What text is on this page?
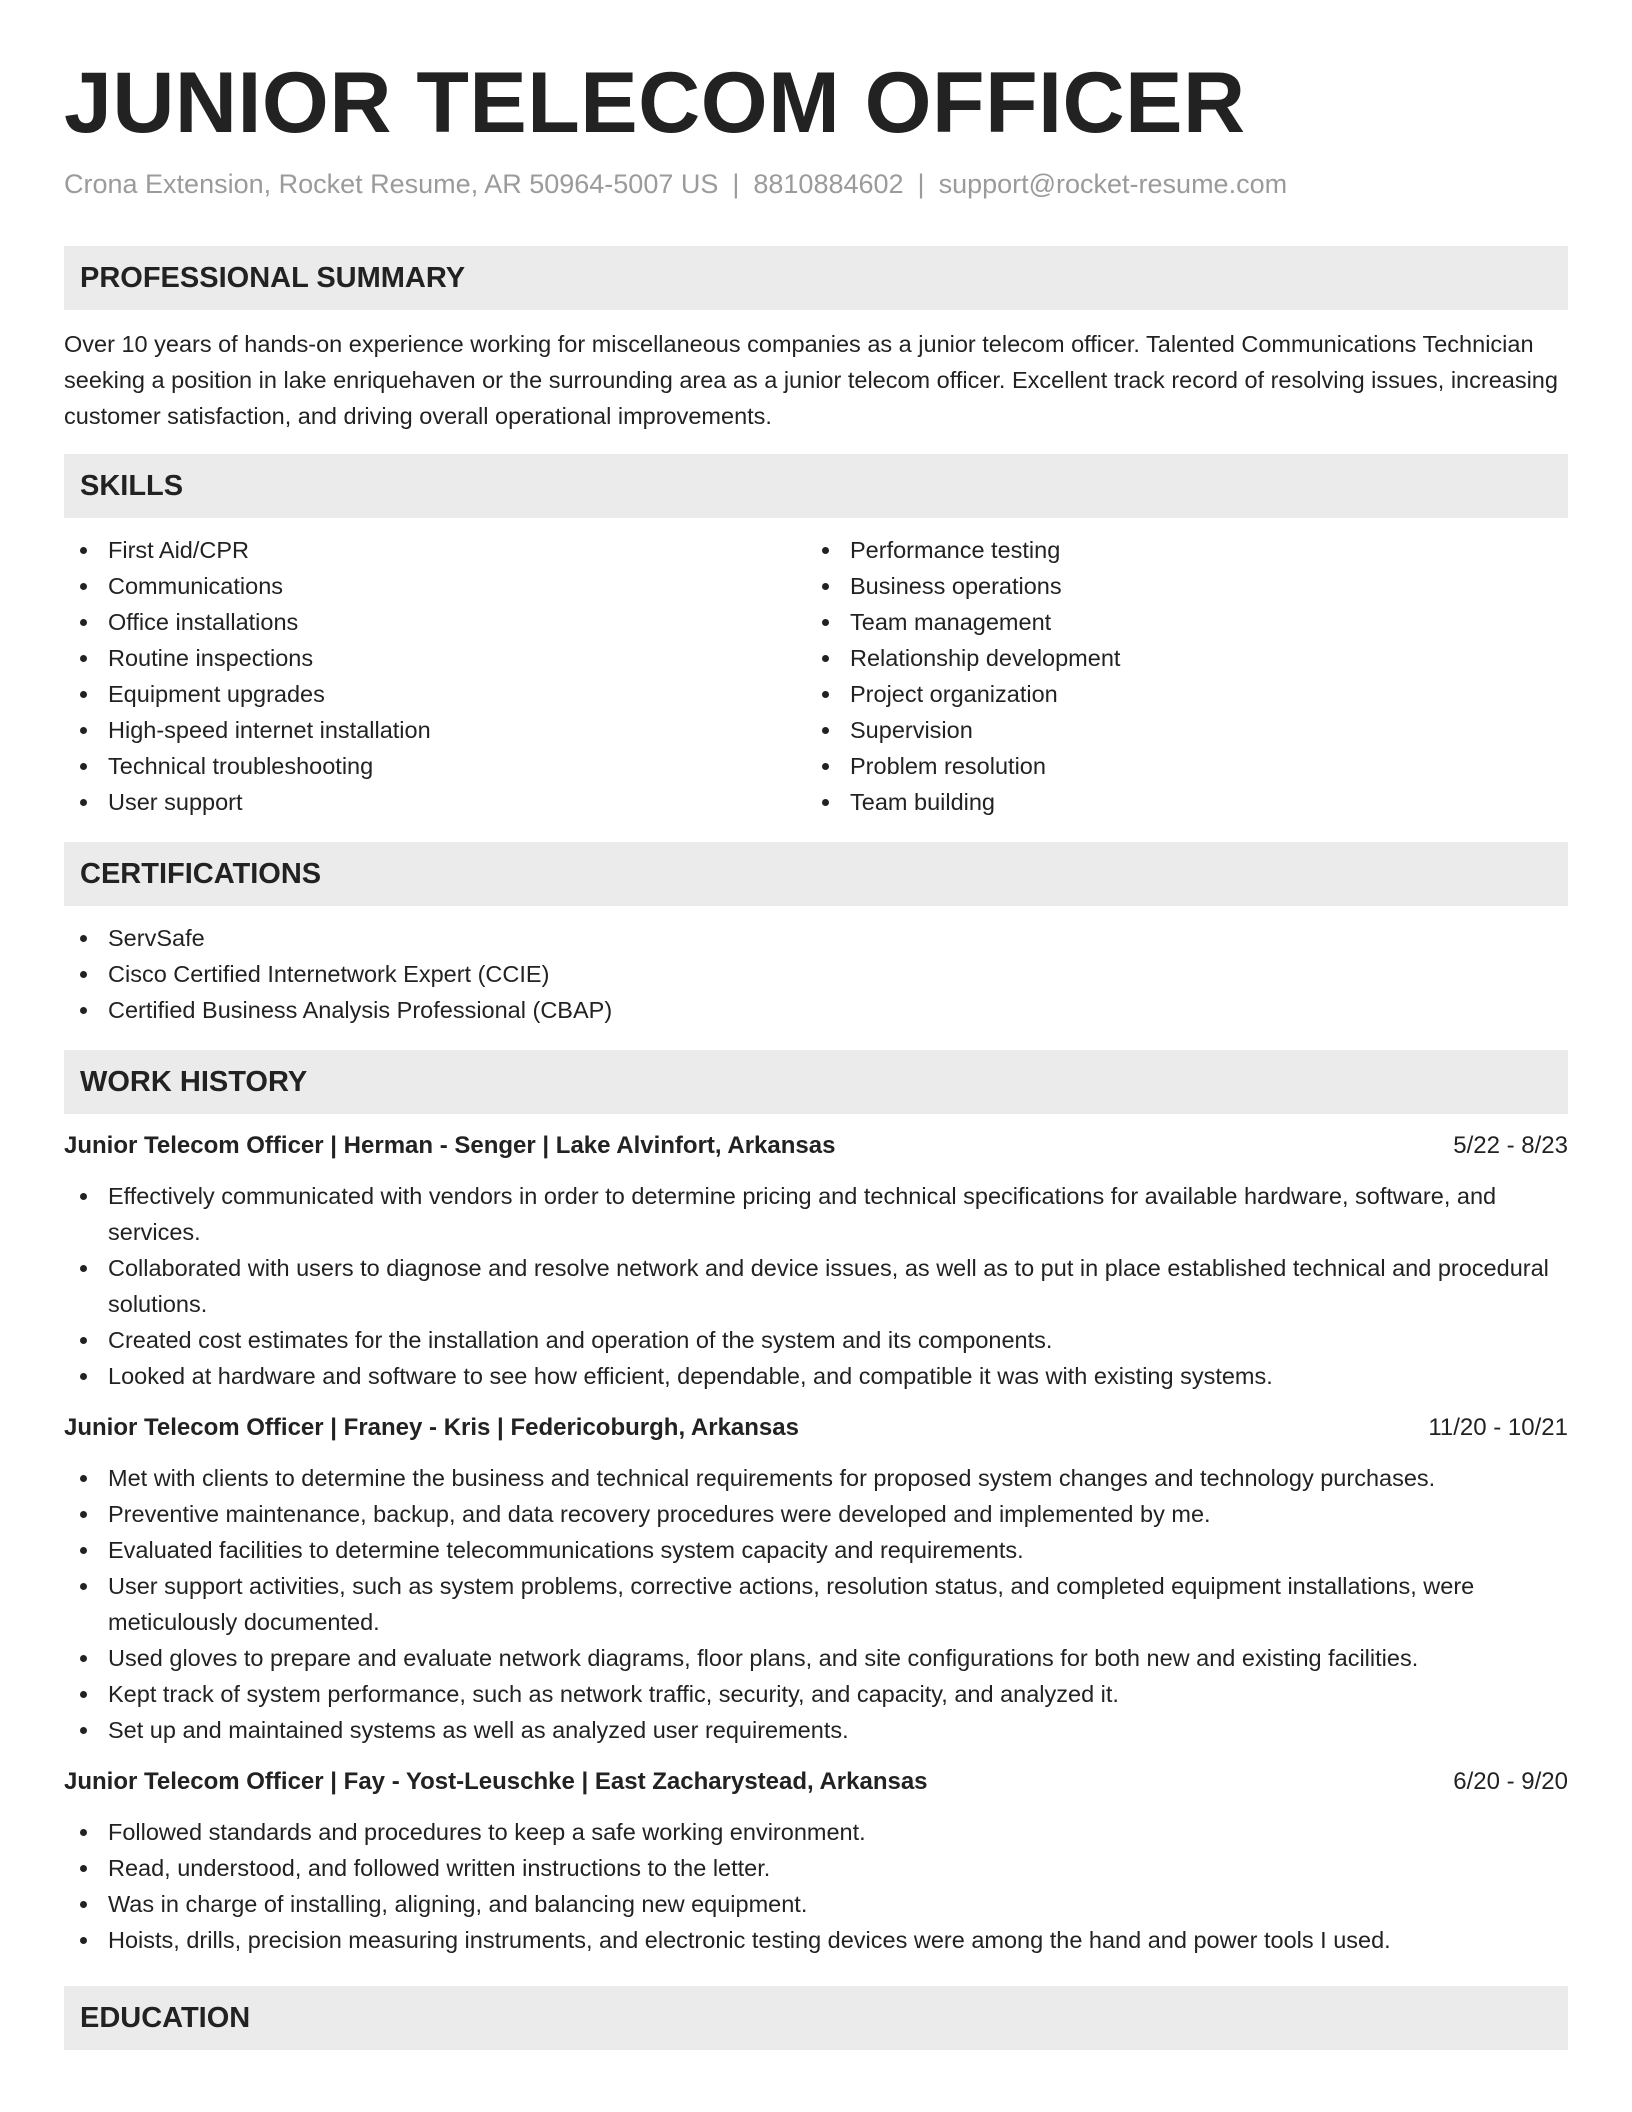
JUNIOR TELECOM OFFICER
Crona Extension, Rocket Resume, AR 50964-5007 US | 8810884602 | support@rocket-resume.com
PROFESSIONAL SUMMARY

Over 10 years of hands-on experience working for miscellaneous companies as a junior telecom officer. Talented Communications Technician seeking a position in lake enriquehaven or the surrounding area as a junior telecom officer. Excellent track record of resolving issues, increasing customer satisfaction, and driving overall operational improvements.

SKILLS
First Aid/CPR
Communications
Office installations
Routine inspections
Equipment upgrades
High-speed internet installation
Technical troubleshooting
User support
Performance testing
Business operations
Team management
Relationship development
Project organization
Supervision
Problem resolution
Team building
CERTIFICATIONS
ServSafe
Cisco Certified Internetwork Expert (CCIE)
Certified Business Analysis Professional (CBAP)
WORK HISTORY
Junior Telecom Officer | Herman - Senger | Lake Alvinfort, Arkansas	5/22 - 8/23
Effectively communicated with vendors in order to determine pricing and technical specifications for available hardware, software, and services.
Collaborated with users to diagnose and resolve network and device issues, as well as to put in place established technical and procedural solutions.
Created cost estimates for the installation and operation of the system and its components.
Looked at hardware and software to see how efficient, dependable, and compatible it was with existing systems.
Junior Telecom Officer | Franey - Kris | Federicoburgh, Arkansas	11/20 - 10/21
Met with clients to determine the business and technical requirements for proposed system changes and technology purchases.
Preventive maintenance, backup, and data recovery procedures were developed and implemented by me.
Evaluated facilities to determine telecommunications system capacity and requirements.
User support activities, such as system problems, corrective actions, resolution status, and completed equipment installations, were meticulously documented.
Used gloves to prepare and evaluate network diagrams, floor plans, and site configurations for both new and existing facilities.
Kept track of system performance, such as network traffic, security, and capacity, and analyzed it.
Set up and maintained systems as well as analyzed user requirements.
Junior Telecom Officer | Fay - Yost-Leuschke | East Zacharystead, Arkansas	6/20 - 9/20
Followed standards and procedures to keep a safe working environment.
Read, understood, and followed written instructions to the letter.
Was in charge of installing, aligning, and balancing new equipment.
Hoists, drills, precision measuring instruments, and electronic testing devices were among the hand and power tools I used.
EDUCATION
